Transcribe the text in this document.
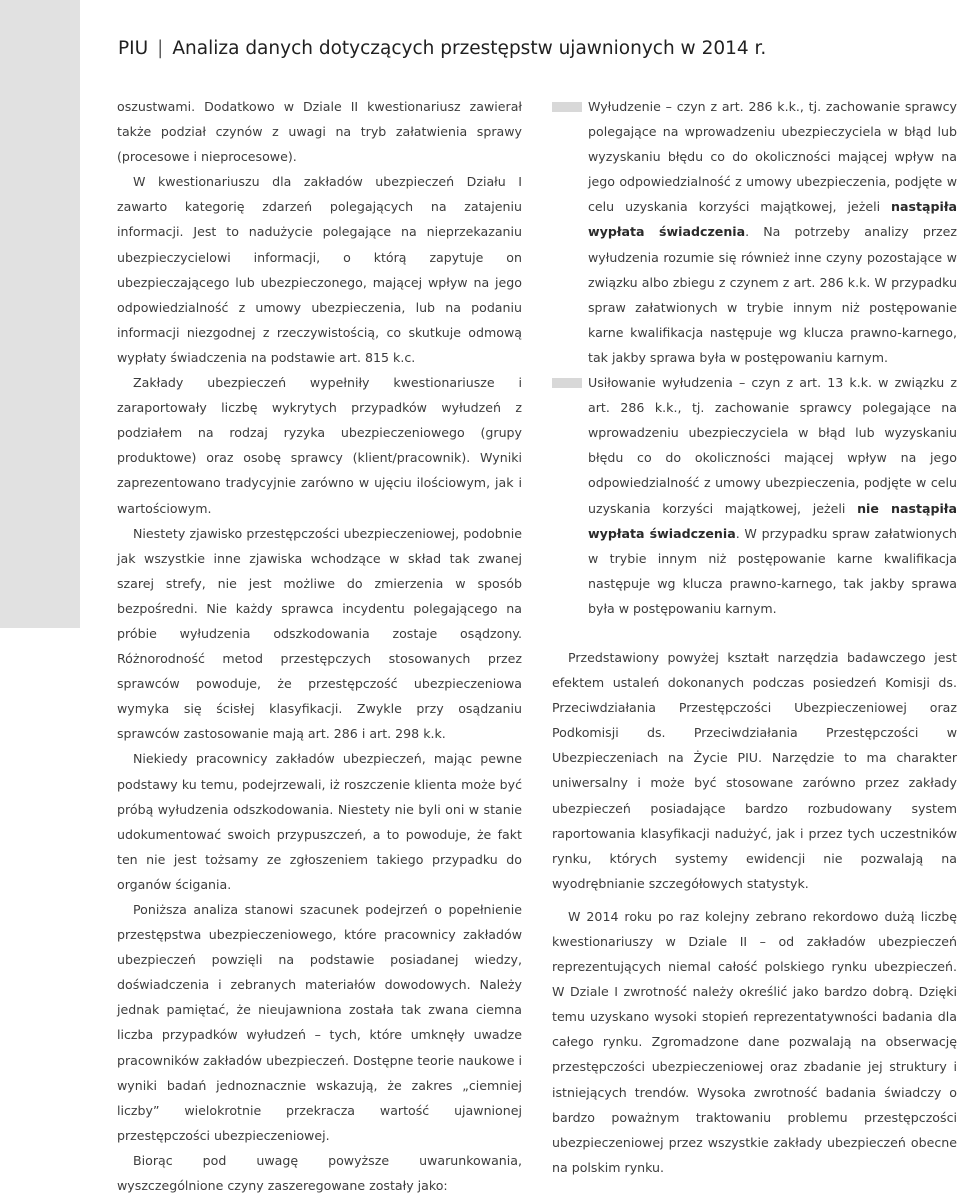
PIU | Analiza danych dotyczących przestępstw ujawnionych w 2014 r.

oszustwami. Dodatkowo w Dziale II kwestionariusz zawierał także podział czynów z uwagi na tryb załatwienia sprawy (procesowe i nieprocesowe).

W kwestionariuszu dla zakładów ubezpieczeń Działu I zawarto kategorię zdarzeń polegających na zatajeniu informacji. Jest to nadużycie polegające na nieprzekazaniu ubezpieczycielowi informacji, o którą zapytuje on ubezpieczającego lub ubezpieczonego, mającej wpływ na jego odpowiedzialność z umowy ubezpieczenia, lub na podaniu informacji niezgodnej z rzeczywistością, co skutkuje odmową wypłaty świadczenia na podstawie art. 815 k.c.

Zakłady ubezpieczeń wypełniły kwestionariusze i zaraportowały liczbę wykrytych przypadków wyłudzeń z podziałem na rodzaj ryzyka ubezpieczeniowego (grupy produktowe) oraz osobę sprawcy (klient/pracownik). Wyniki zaprezentowano tradycyjnie zarówno w ujęciu ilościowym, jak i wartościowym.

Niestety zjawisko przestępczości ubezpieczeniowej, podobnie jak wszystkie inne zjawiska wchodzące w skład tak zwanej szarej strefy, nie jest możliwe do zmierzenia w sposób bezpośredni. Nie każdy sprawca incydentu polegającego na próbie wyłudzenia odszkodowania zostaje osądzony. Różnorodność metod przestępczych stosowanych przez sprawców powoduje, że przestępczość ubezpieczeniowa wymyka się ścisłej klasyfikacji. Zwykle przy osądzaniu sprawców zastosowanie mają art. 286 i art. 298 k.k.

Niekiedy pracownicy zakładów ubezpieczeń, mając pewne podstawy ku temu, podejrzewali, iż roszczenie klienta może być próbą wyłudzenia odszkodowania. Niestety nie byli oni w stanie udokumentować swoich przypuszczeń, a to powoduje, że fakt ten nie jest tożsamy ze zgłoszeniem takiego przypadku do organów ścigania.

Poniższa analiza stanowi szacunek podejrzeń o popełnienie przestępstwa ubezpieczeniowego, które pracownicy zakładów ubezpieczeń powzięli na podstawie posiadanej wiedzy, doświadczenia i zebranych materiałów dowodowych. Należy jednak pamiętać, że nieujawniona została tak zwana ciemna liczba przypadków wyłudzeń – tych, które umknęły uwadze pracowników zakładów ubezpieczeń. Dostępne teorie naukowe i wyniki badań jednoznacznie wskazują, że zakres „ciemniej liczby” wielokrotnie przekracza wartość ujawnionej przestępczości ubezpieczeniowej.

Biorąc pod uwagę powyższe uwarunkowania, wyszczególnione czyny zaszeregowane zostały jako:

Wyłudzenie – czyn z art. 286 k.k., tj. zachowanie sprawcy polegające na wprowadzeniu ubezpieczyciela w błąd lub wyzyskaniu błędu co do okoliczności mającej wpływ na jego odpowiedzialność z umowy ubezpieczenia, podjęte w celu uzyskania korzyści majątkowej, jeżeli nastąpiła wypłata świadczenia. Na potrzeby analizy przez wyłudzenia rozumie się również inne czyny pozostające w związku albo zbiegu z czynem z art. 286 k.k. W przypadku spraw załatwionych w trybie innym niż postępowanie karne kwalifikacja następuje wg klucza prawno-karnego, tak jakby sprawa była w postępowaniu karnym.
Usiłowanie wyłudzenia – czyn z art. 13 k.k. w związku z art. 286 k.k., tj. zachowanie sprawcy polegające na wprowadzeniu ubezpieczyciela w błąd lub wyzyskaniu błędu co do okoliczności mającej wpływ na jego odpowiedzialność z umowy ubezpieczenia, podjęte w celu uzyskania korzyści majątkowej, jeżeli nie nastąpiła wypłata świadczenia. W przypadku spraw załatwionych w trybie innym niż postępowanie karne kwalifikacja następuje wg klucza prawno-karnego, tak jakby sprawa była w postępowaniu karnym.

Przedstawiony powyżej kształt narzędzia badawczego jest efektem ustaleń dokonanych podczas posiedzeń Komisji ds. Przeciwdziałania Przestępczości Ubezpieczeniowej oraz Podkomisji ds. Przeciwdziałania Przestępczości w Ubezpieczeniach na Życie PIU. Narzędzie to ma charakter uniwersalny i może być stosowane zarówno przez zakłady ubezpieczeń posiadające bardzo rozbudowany system raportowania klasyfikacji nadużyć, jak i przez tych uczestników rynku, których systemy ewidencji nie pozwalają na wyodrębnianie szczegółowych statystyk.

W 2014 roku po raz kolejny zebrano rekordowo dużą liczbę kwestionariuszy w Dziale II – od zakładów ubezpieczeń reprezentujących niemal całość polskiego rynku ubezpieczeń. W Dziale I zwrotność należy określić jako bardzo dobrą. Dzięki temu uzyskano wysoki stopień reprezentatywności badania dla całego rynku. Zgromadzone dane pozwalają na obserwację przestępczości ubezpieczeniowej oraz zbadanie jej struktury i istniejących trendów. Wysoka zwrotność badania świadczy o bardzo poważnym traktowaniu problemu przestępczości ubezpieczeniowej przez wszystkie zakłady ubezpieczeń obecne na polskim rynku.
